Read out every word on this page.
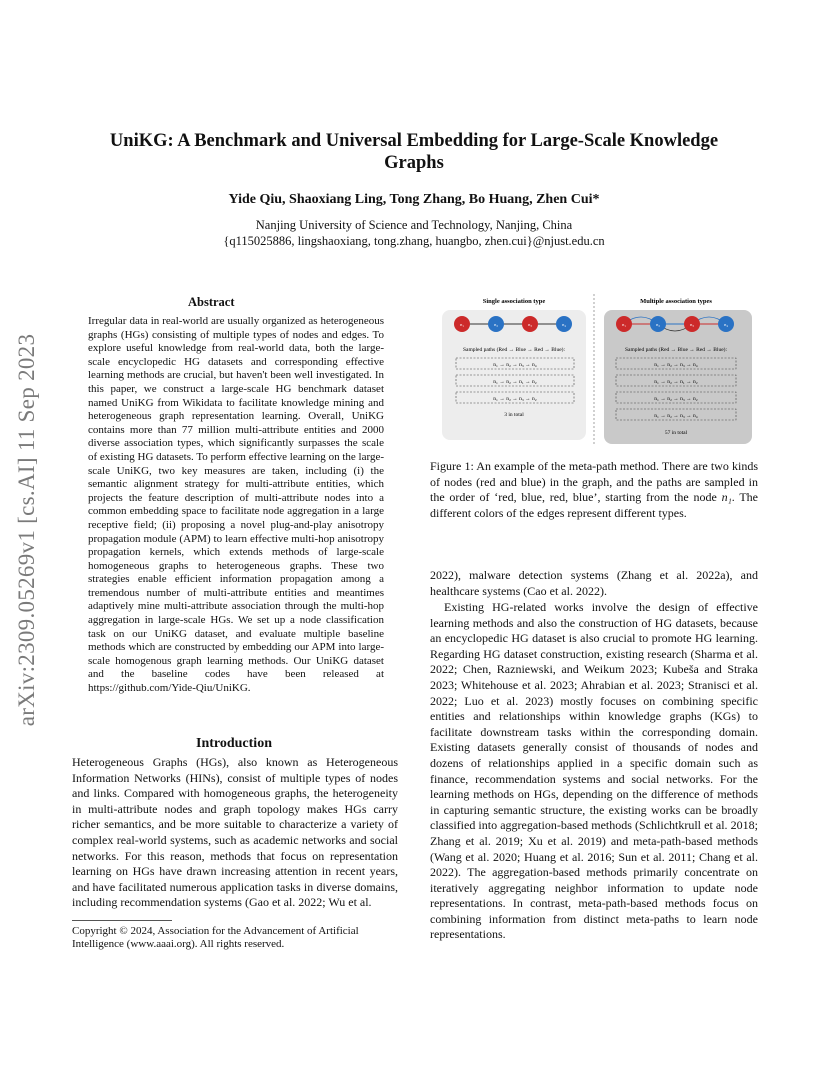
UniKG: A Benchmark and Universal Embedding for Large-Scale Knowledge Graphs
Yide Qiu, Shaoxiang Ling, Tong Zhang, Bo Huang, Zhen Cui*
Nanjing University of Science and Technology, Nanjing, China
{q115025886, lingshaoxiang, tong.zhang, huangbo, zhen.cui}@njust.edu.cn
arXiv:2309.05269v1 [cs.AI] 11 Sep 2023
Abstract
Irregular data in real-world are usually organized as heterogeneous graphs (HGs) consisting of multiple types of nodes and edges. To explore useful knowledge from real-world data, both the large-scale encyclopedic HG datasets and corresponding effective learning methods are crucial, but haven't been well investigated. In this paper, we construct a large-scale HG benchmark dataset named UniKG from Wikidata to facilitate knowledge mining and heterogeneous graph representation learning. Overall, UniKG contains more than 77 million multi-attribute entities and 2000 diverse association types, which significantly surpasses the scale of existing HG datasets. To perform effective learning on the large-scale UniKG, two key measures are taken, including (i) the semantic alignment strategy for multi-attribute entities, which projects the feature description of multi-attribute nodes into a common embedding space to facilitate node aggregation in a large receptive field; (ii) proposing a novel plug-and-play anisotropy propagation module (APM) to learn effective multi-hop anisotropy propagation kernels, which extends methods of large-scale homogeneous graphs to heterogeneous graphs. These two strategies enable efficient information propagation among a tremendous number of multi-attribute entities and meantimes adaptively mine multi-attribute association through the multi-hop aggregation in large-scale HGs. We set up a node classification task on our UniKG dataset, and evaluate multiple baseline methods which are constructed by embedding our APM into large-scale homogenous graph learning methods. Our UniKG dataset and the baseline codes have been released at https://github.com/Yide-Qiu/UniKG.
Introduction
Heterogeneous Graphs (HGs), also known as Heterogeneous Information Networks (HINs), consist of multiple types of nodes and links. Compared with homogeneous graphs, the heterogeneity in multi-attribute nodes and graph topology makes HGs carry richer semantics, and be more suitable to characterize a variety of complex real-world systems, such as academic networks and social networks. For this reason, methods that focus on representation learning on HGs have drawn increasing attention in recent years, and have facilitated numerous application tasks in diverse domains, including recommendation systems (Gao et al. 2022; Wu et al.
Copyright © 2024, Association for the Advancement of Artificial Intelligence (www.aaai.org). All rights reserved.
Single association type
n₁	n₂	n₃	n₄
Sampled paths (Red → Blue → Red → Blue):
n₁ → n₂ → n₃ → n₄
n₁ → n₂ → n₁ → n₂
n₁ → n₂ → n₃ → n₂
3 in total
Multiple association types
n₁	n₂	n₃	n₄
Sampled paths (Red → Blue → Red → Blue):
n₁ → n₂ → n₃ → n₄
n₁ → n₂ → n₁ → n₂
n₁ → n₂ → n₃ → n₂
n₁ → n₂ → n₃ → n₄
57 in total
Figure 1: An example of the meta-path method. There are two kinds of nodes (red and blue) in the graph, and the paths are sampled in the order of ‘red, blue, red, blue’, starting from the node n₁. The different colors of the edges represent different types.
2022), malware detection systems (Zhang et al. 2022a), and healthcare systems (Cao et al. 2022).
Existing HG-related works involve the design of effective learning methods and also the construction of HG datasets, because an encyclopedic HG dataset is also crucial to promote HG learning. Regarding HG dataset construction, existing research (Sharma et al. 2022; Chen, Razniewski, and Weikum 2023; Kubeša and Straka 2023; Whitehouse et al. 2023; Ahrabian et al. 2023; Stranisci et al. 2022; Luo et al. 2023) mostly focuses on combining specific entities and relationships within knowledge graphs (KGs) to facilitate downstream tasks within the corresponding domain. Existing datasets generally consist of thousands of nodes and dozens of relationships applied in a specific domain such as finance, recommendation systems and social networks. For the learning methods on HGs, depending on the difference of methods in capturing semantic structure, the existing works can be broadly classified into aggregation-based methods (Schlichtkrull et al. 2018; Zhang et al. 2019; Xu et al. 2019) and meta-path-based methods (Wang et al. 2020; Huang et al. 2016; Sun et al. 2011; Chang et al. 2022). The aggregation-based methods primarily concentrate on iteratively aggregating neighbor information to update node representations. In contrast, meta-path-based methods focus on combining information from distinct meta-paths to learn node representations.
